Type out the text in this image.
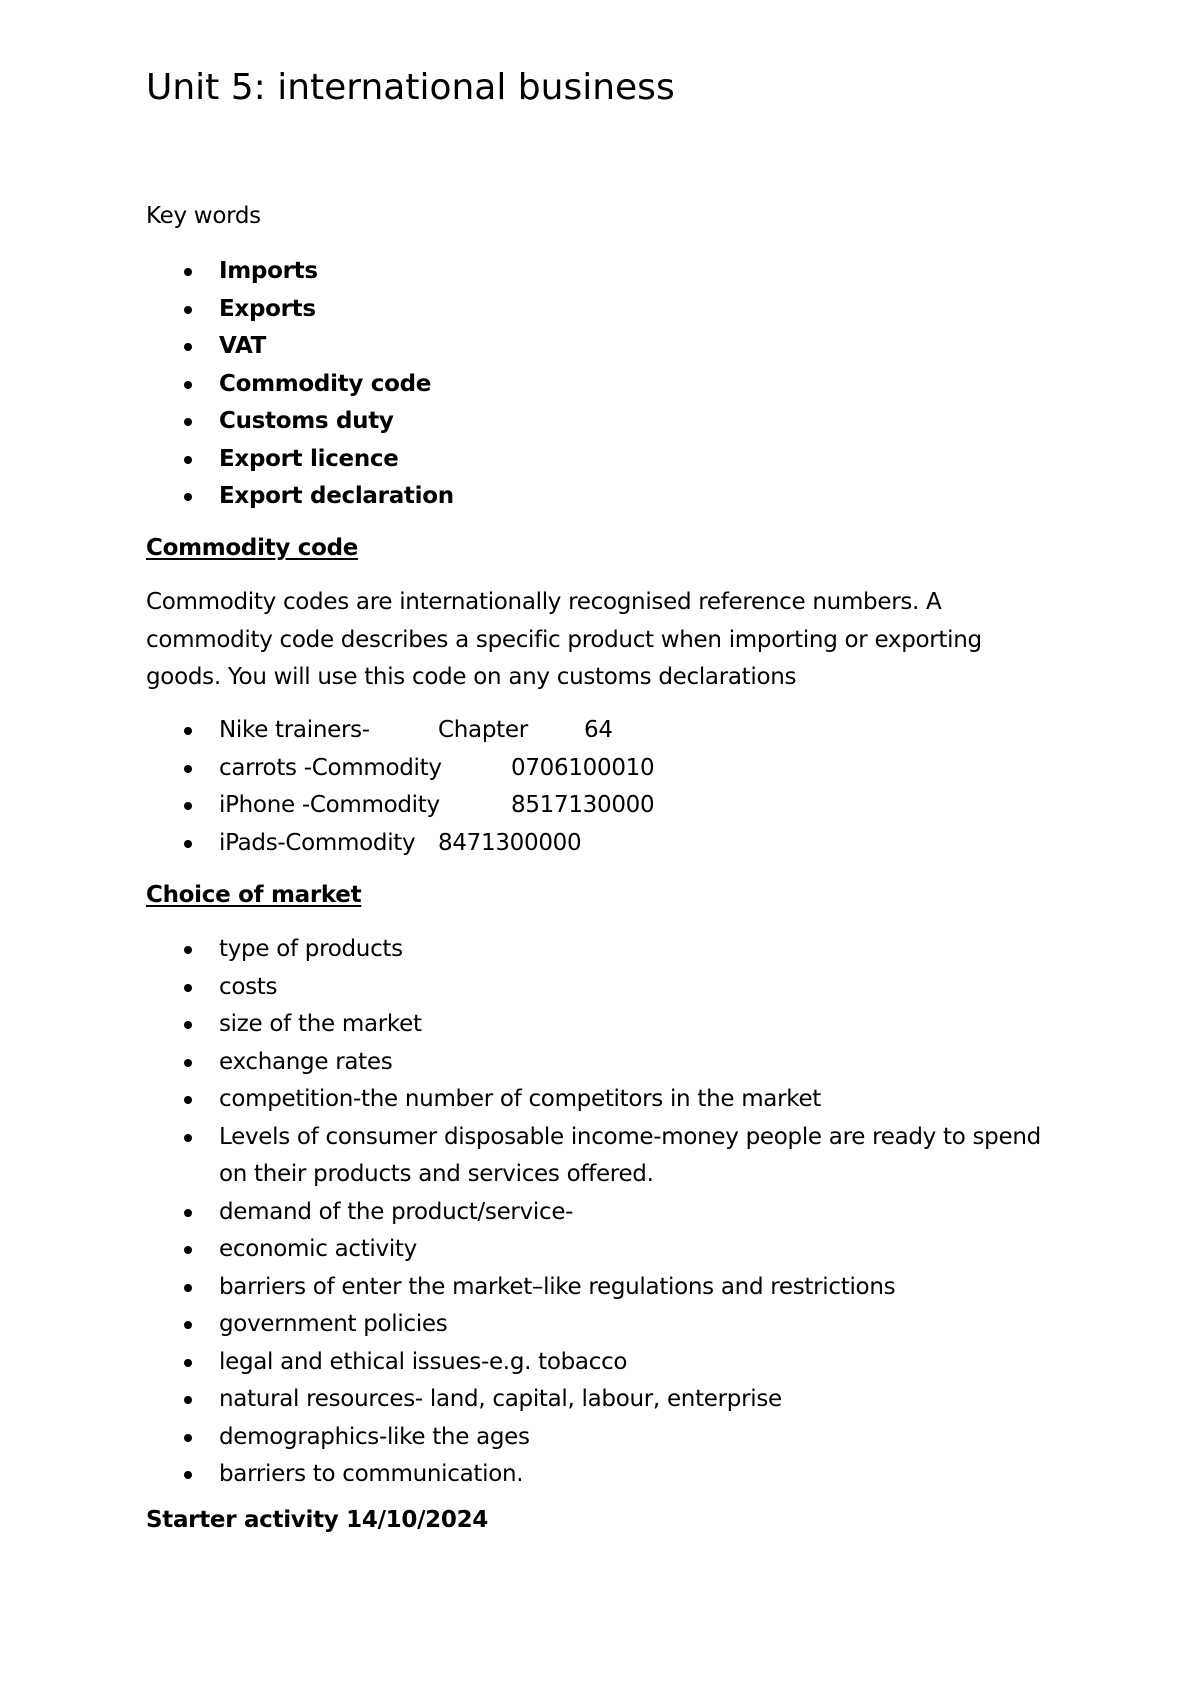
Unit 5: international business
Key words
Imports
Exports
VAT
Commodity code
Customs duty
Export licence
Export declaration
Commodity code
Commodity codes are internationally recognised reference numbers. A
commodity code describes a specific product when importing or exporting
goods. You will use this code on any customs declarations
Nike trainers-	Chapter 64
carrots -Commodity	0706100010
iPhone -Commodity	8517130000
iPads-Commodity 8471300000
Choice of market
type of products
costs
size of the market
exchange rates
competition-the number of competitors in the market
Levels of consumer disposable income-money people are ready to spend
on their products and services offered.
demand of the product/service-
economic activity
barriers of enter the market–like regulations and restrictions
government policies
legal and ethical issues-e.g. tobacco
natural resources- land, capital, labour, enterprise
demographics-like the ages
barriers to communication.
Starter activity 14/10/2024
